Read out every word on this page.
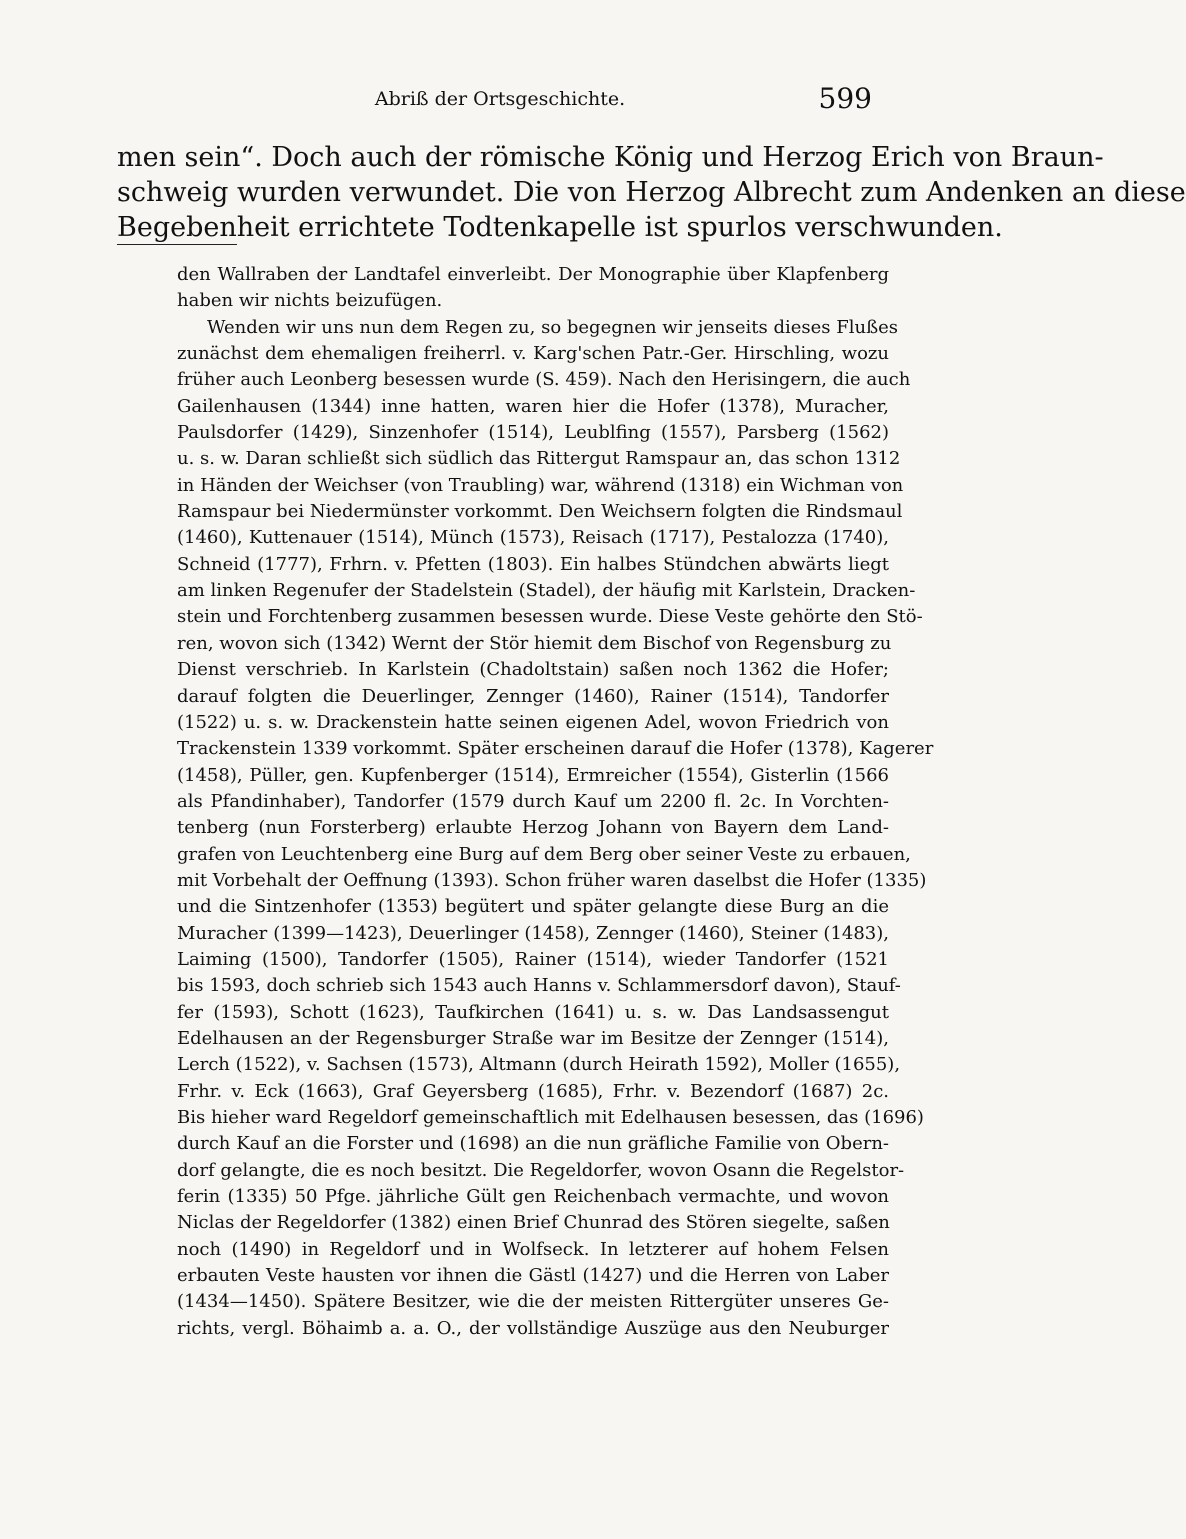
Abriß der Ortsgeschichte.	599
men sein“. Doch auch der römische König und Herzog Erich von Braun-
schweig wurden verwundet. Die von Herzog Albrecht zum Andenken an diese
Begebenheit errichtete Todtenkapelle ist spurlos verschwunden.
den Wallraben der Landtafel einverleibt. Der Monographie über Klapfenberg
haben wir nichts beizufügen.
Wenden wir uns nun dem Regen zu, so begegnen wir jenseits dieses Flußes
zunächst dem ehemaligen freiherrl. v. Karg'schen Patr.-Ger. Hirschling, wozu
früher auch Leonberg besessen wurde (S. 459). Nach den Herisingern, die auch
Gailenhausen (1344) inne hatten, waren hier die Hofer (1378), Muracher,
Paulsdorfer (1429), Sinzenhofer (1514), Leublfing (1557), Parsberg (1562)
u. s. w. Daran schließt sich südlich das Rittergut Ramspaur an, das schon 1312
in Händen der Weichser (von Traubling) war, während (1318) ein Wichman von
Ramspaur bei Niedermünster vorkommt. Den Weichsern folgten die Rindsmaul
(1460), Kuttenauer (1514), Münch (1573), Reisach (1717), Pestalozza (1740),
Schneid (1777), Frhrn. v. Pfetten (1803). Ein halbes Stündchen abwärts liegt
am linken Regenufer der Stadelstein (Stadel), der häufig mit Karlstein, Dracken-
stein und Forchtenberg zusammen besessen wurde. Diese Veste gehörte den Stö-
ren, wovon sich (1342) Wernt der Stör hiemit dem Bischof von Regensburg zu
Dienst verschrieb. In Karlstein (Chadoltstain) saßen noch 1362 die Hofer;
darauf folgten die Deuerlinger, Zennger (1460), Rainer (1514), Tandorfer
(1522) u. s. w. Drackenstein hatte seinen eigenen Adel, wovon Friedrich von
Trackenstein 1339 vorkommt. Später erscheinen darauf die Hofer (1378), Kagerer
(1458), Püller, gen. Kupfenberger (1514), Ermreicher (1554), Gisterlin (1566
als Pfandinhaber), Tandorfer (1579 durch Kauf um 2200 fl. 2c. In Vorchten-
tenberg (nun Forsterberg) erlaubte Herzog Johann von Bayern dem Land-
grafen von Leuchtenberg eine Burg auf dem Berg ober seiner Veste zu erbauen,
mit Vorbehalt der Oeffnung (1393). Schon früher waren daselbst die Hofer (1335)
und die Sintzenhofer (1353) begütert und später gelangte diese Burg an die
Muracher (1399—1423), Deuerlinger (1458), Zennger (1460), Steiner (1483),
Laiming (1500), Tandorfer (1505), Rainer (1514), wieder Tandorfer (1521
bis 1593, doch schrieb sich 1543 auch Hanns v. Schlammersdorf davon), Stauf-
fer (1593), Schott (1623), Taufkirchen (1641) u. s. w. Das Landsassengut
Edelhausen an der Regensburger Straße war im Besitze der Zennger (1514),
Lerch (1522), v. Sachsen (1573), Altmann (durch Heirath 1592), Moller (1655),
Frhr. v. Eck (1663), Graf Geyersberg (1685), Frhr. v. Bezendorf (1687) 2c.
Bis hieher ward Regeldorf gemeinschaftlich mit Edelhausen besessen, das (1696)
durch Kauf an die Forster und (1698) an die nun gräfliche Familie von Obern-
dorf gelangte, die es noch besitzt. Die Regeldorfer, wovon Osann die Regelstor-
ferin (1335) 50 Pfge. jährliche Gült gen Reichenbach vermachte, und wovon
Niclas der Regeldorfer (1382) einen Brief Chunrad des Stören siegelte, saßen
noch (1490) in Regeldorf und in Wolfseck. In letzterer auf hohem Felsen
erbauten Veste hausten vor ihnen die Gästl (1427) und die Herren von Laber
(1434—1450). Spätere Besitzer, wie die der meisten Rittergüter unseres Ge-
richts, vergl. Böhaimb a. a. O., der vollständige Auszüge aus den Neuburger
